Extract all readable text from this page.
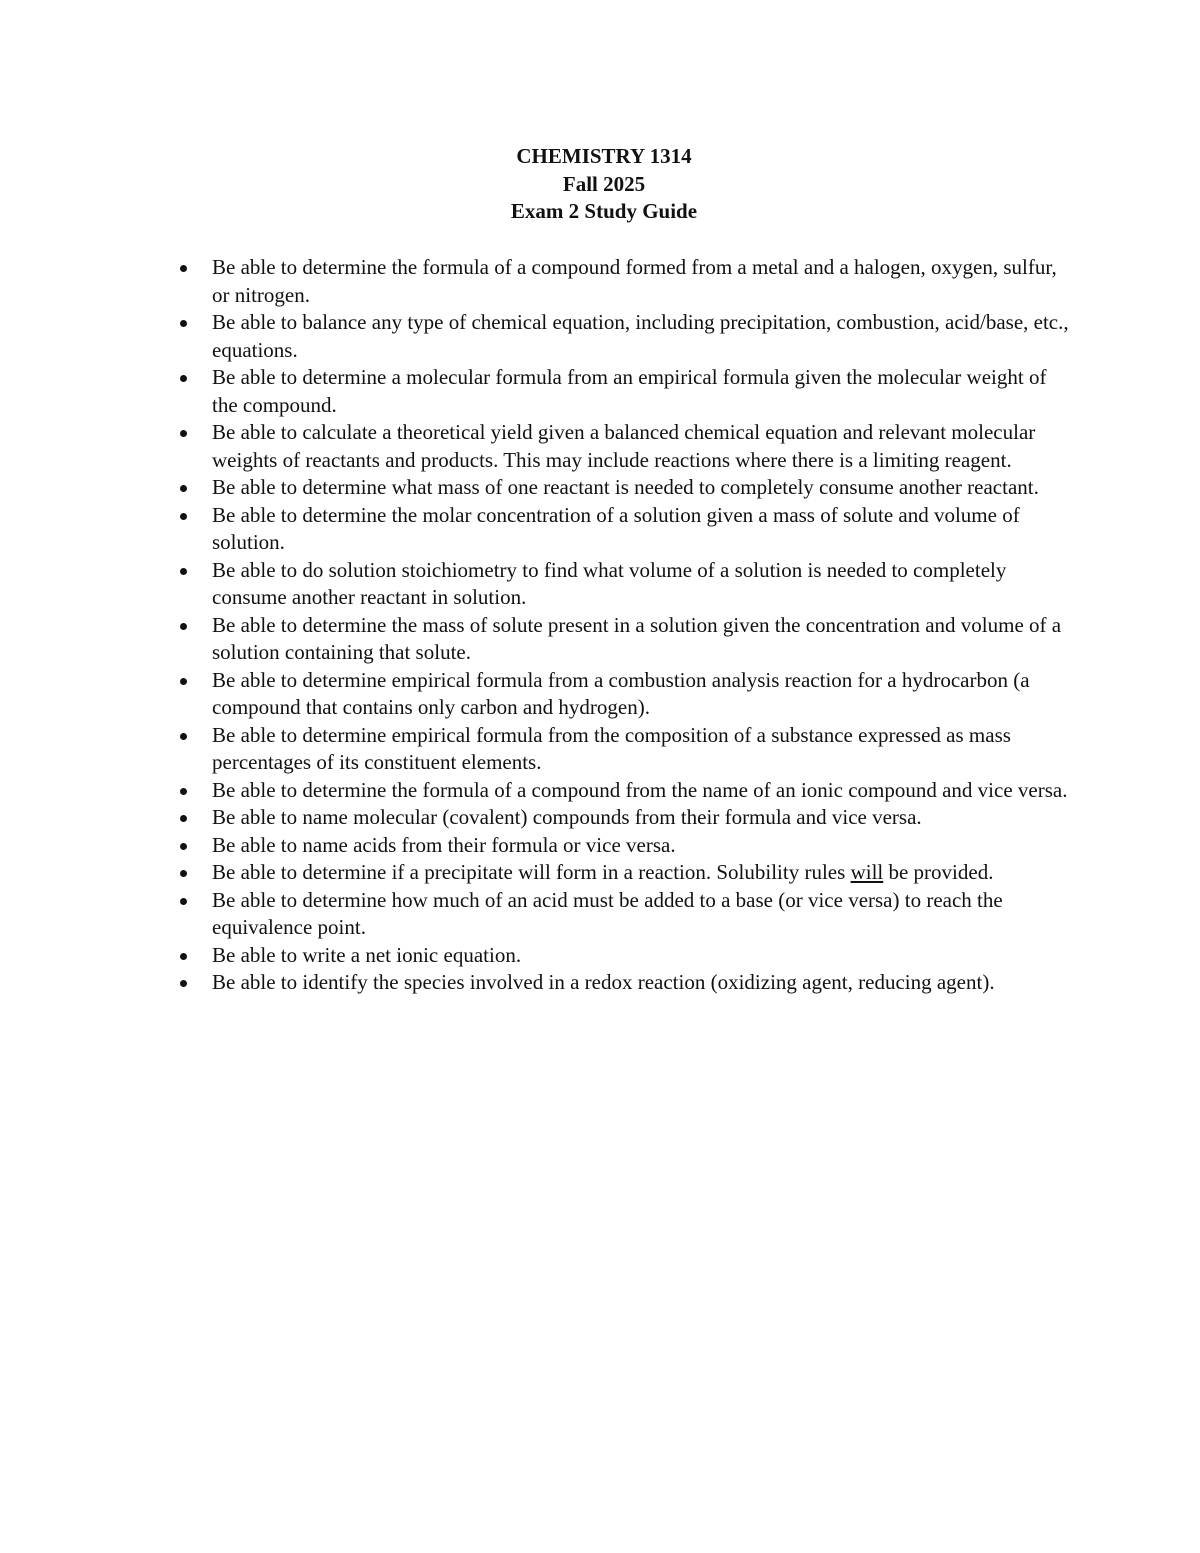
CHEMISTRY 1314
Fall 2025
Exam 2 Study Guide
Be able to determine the formula of a compound formed from a metal and a halogen, oxygen, sulfur, or nitrogen.
Be able to balance any type of chemical equation, including precipitation, combustion, acid/base, etc., equations.
Be able to determine a molecular formula from an empirical formula given the molecular weight of the compound.
Be able to calculate a theoretical yield given a balanced chemical equation and relevant molecular weights of reactants and products. This may include reactions where there is a limiting reagent.
Be able to determine what mass of one reactant is needed to completely consume another reactant.
Be able to determine the molar concentration of a solution given a mass of solute and volume of solution.
Be able to do solution stoichiometry to find what volume of a solution is needed to completely consume another reactant in solution.
Be able to determine the mass of solute present in a solution given the concentration and volume of a solution containing that solute.
Be able to determine empirical formula from a combustion analysis reaction for a hydrocarbon (a compound that contains only carbon and hydrogen).
Be able to determine empirical formula from the composition of a substance expressed as mass percentages of its constituent elements.
Be able to determine the formula of a compound from the name of an ionic compound and vice versa.
Be able to name molecular (covalent) compounds from their formula and vice versa.
Be able to name acids from their formula or vice versa.
Be able to determine if a precipitate will form in a reaction. Solubility rules will be provided.
Be able to determine how much of an acid must be added to a base (or vice versa) to reach the equivalence point.
Be able to write a net ionic equation.
Be able to identify the species involved in a redox reaction (oxidizing agent, reducing agent).
